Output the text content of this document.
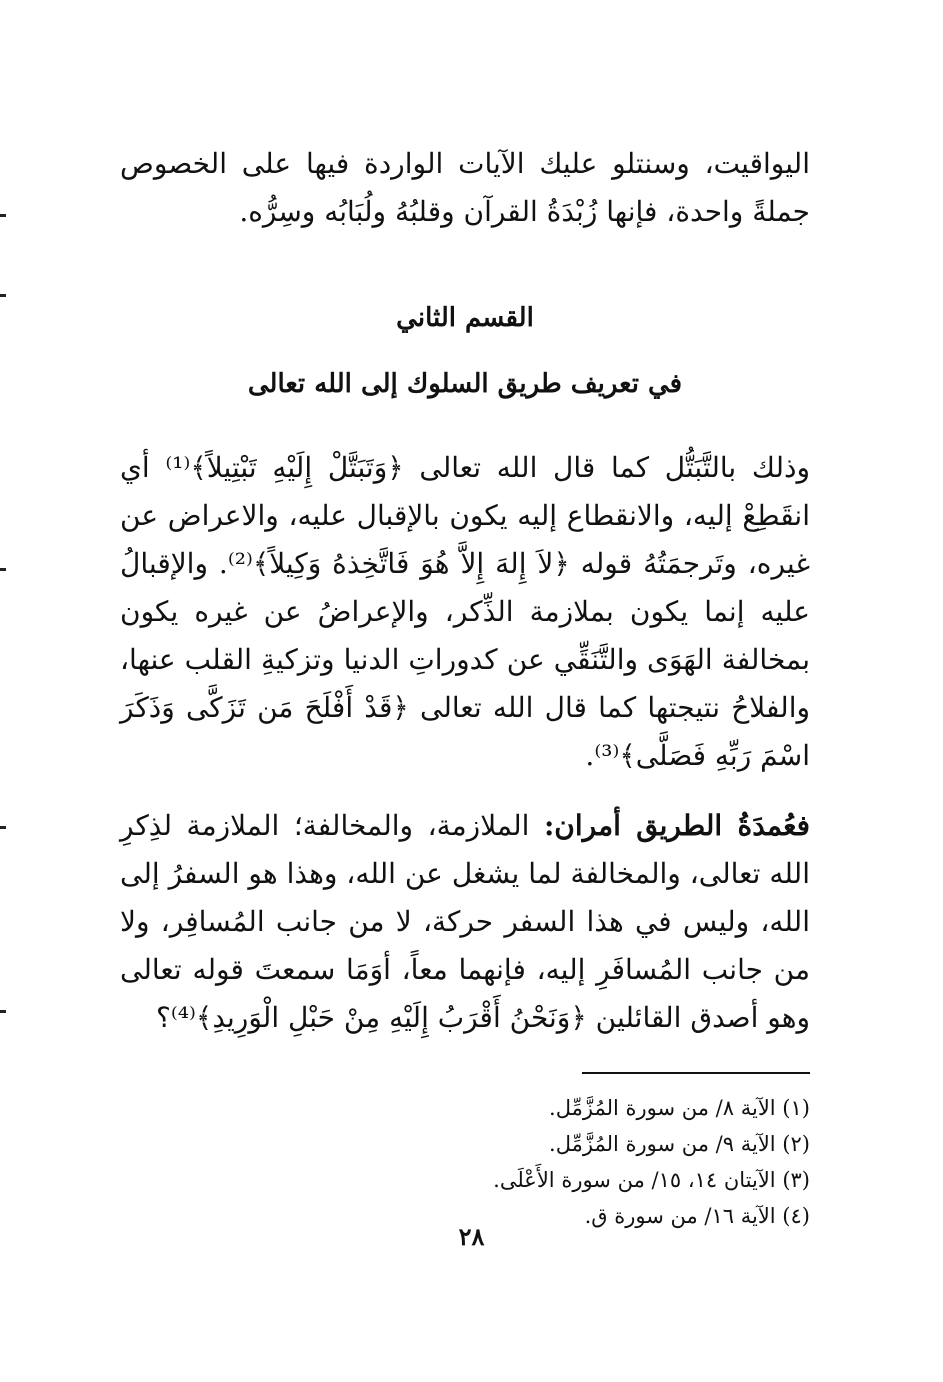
اليواقيت، وسنتلو عليك الآيات الواردة فيها على الخصوص جملةً واحدة، فإنها زُبْدَةُ القرآن وقلبُهُ ولُبَابُه وسِرُّه.

القسم الثاني

في تعريف طريق السلوك إلى الله تعالى

وذلك بالتَّبَتُّل كما قال الله تعالى ﴿وَتَبَتَّلْ إِلَيْهِ تَبْتِيلاً﴾⁽¹⁾ أي انقَطِعْ إليه، والانقطاع إليه يكون بالإقبال عليه، والاعراض عن غيره، وتَرجمَتُهُ قوله ﴿لاَ إِلهَ إِلاَّ هُوَ فَاتَّخِذهُ وَكِيلاً﴾⁽²⁾. والإقبالُ عليه إنما يكون بملازمة الذِّكر، والإعراضُ عن غيره يكون بمخالفة الهَوَى والتَّنَقِّي عن كدوراتِ الدنيا وتزكيةِ القلب عنها، والفلاحُ نتيجتها كما قال الله تعالى ﴿قَدْ أَفْلَحَ مَن تَزَكَّى وَذَكَرَ اسْمَ رَبِّهِ فَصَلَّى﴾⁽³⁾.

فعُمدَةُ الطريق أمران: الملازمة، والمخالفة؛ الملازمة لذِكرِ الله تعالى، والمخالفة لما يشغل عن الله، وهذا هو السفرُ إلى الله، وليس في هذا السفر حركة، لا من جانب المُسافِر، ولا من جانب المُسافَرِ إليه، فإنهما معاً، أوَمَا سمعتَ قوله تعالى وهو أصدق القائلين ﴿وَنَحْنُ أَقْرَبُ إِلَيْهِ مِنْ حَبْلِ الْوَرِيدِ﴾⁽⁴⁾؟

(١) الآية ٨/ من سورة المُزَّمِّل.

(٢) الآية ٩/ من سورة المُزَّمِّل.

(٣) الآيتان ١٤، ١٥/ من سورة الأَعْلَى.

(٤) الآية ١٦/ من سورة ق.

٢٨
